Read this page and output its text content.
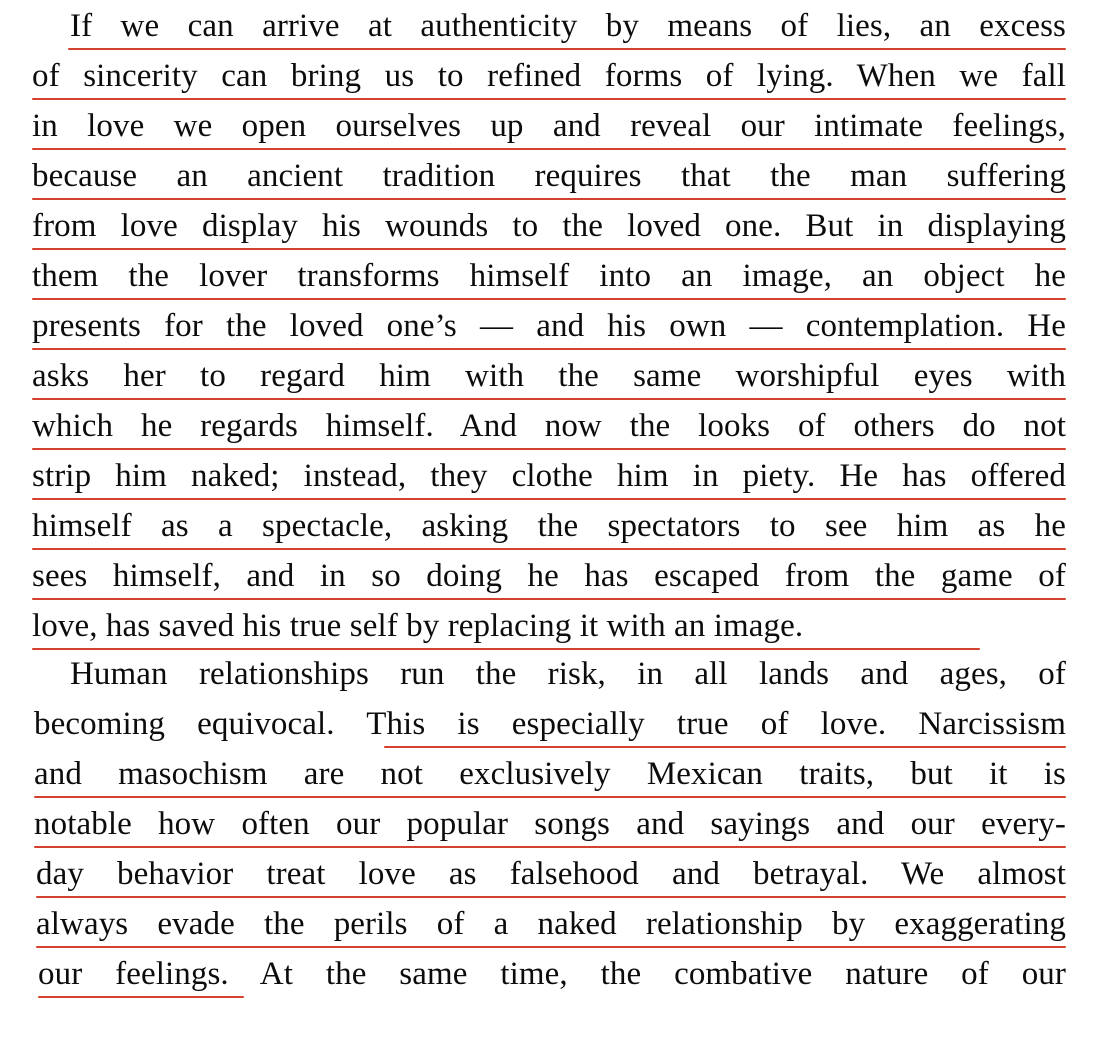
If we can arrive at authenticity by means of lies, an excess
of sincerity can bring us to refined forms of lying. When we fall
in love we open ourselves up and reveal our intimate feelings,
because an ancient tradition requires that the man suffering
from love display his wounds to the loved one. But in displaying
them the lover transforms himself into an image, an object he
presents for the loved one’s — and his own — contemplation. He
asks her to regard him with the same worshipful eyes with
which he regards himself. And now the looks of others do not
strip him naked; instead, they clothe him in piety. He has offered
himself as a spectacle, asking the spectators to see him as he
sees himself, and in so doing he has escaped from the game of
love, has saved his true self by replacing it with an image.
Human relationships run the risk, in all lands and ages, of
becoming equivocal. This is especially true of love. Narcissism
and masochism are not exclusively Mexican traits, but it is
notable how often our popular songs and sayings and our every-
day behavior treat love as falsehood and betrayal. We almost
always evade the perils of a naked relationship by exaggerating
our feelings. At the same time, the combative nature of our
